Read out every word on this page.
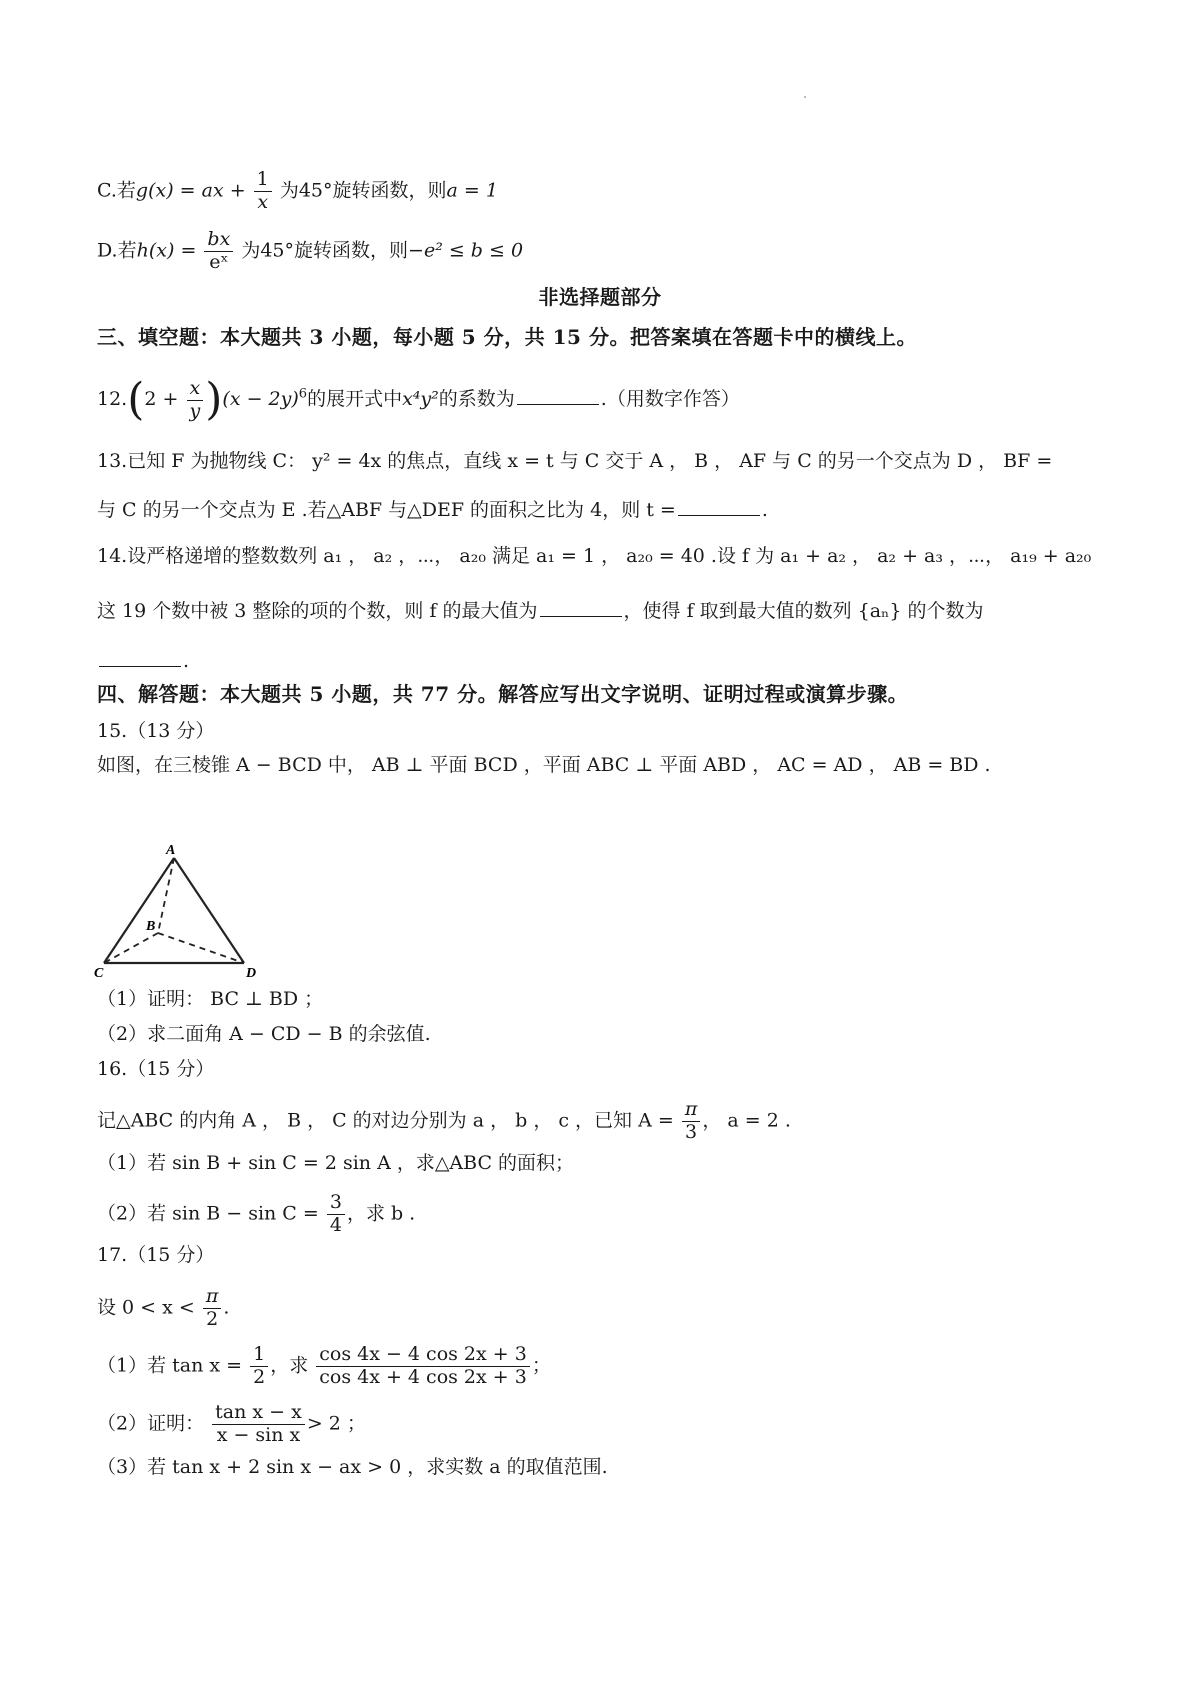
C.若g(x) = ax + $\frac{1}{x}$ 为45°旋转函数，则a = 1
D.若$h(x) = \frac{bx}{\text{eˣ}}$ 为45°旋转函数，则−e² ≤ b ≤ 0
非选择题部分
三、填空题：本大题共 3 小题，每小题 5 分，共 15 分。把答案填在答题卡中的横线上。
$12.(2 + \frac{x}{y} )(x - 2y)^6$的展开式中x⁴y²的系数为	.（用数字作答）
13.已知 F 为抛物线 C： y² = 4x 的焦点，直线 x = t 与 C 交于 A ， B ， AF 与 C 的另一个交点为 D ， BF =
与 C 的另一个交点为 E .若△ABF 与△DEF 的面积之比为 4，则 t =	.
14.设严格递增的整数数列 a₁ ， a₂ ，⋯， a₂₀ 满足 a₁ = 1 ， a₂₀ = 40 .设 f 为 a₁ + a₂ ， a₂ + a₃ ，⋯， a₁₉ + a₂₀
这 19 个数中被 3 整除的项的个数，则 f 的最大值为	，使得 f 取到最大值的数列 {aₙ} 的个数为
.
四、解答题：本大题共 5 小题，共 77 分。解答应写出文字说明、证明过程或演算步骤。
15.（13 分）
如图，在三棱锥 A − BCD 中， AB ⊥ 平面 BCD ，平面 ABC ⊥ 平面 ABD ， AC = AD ， AB = BD .
A
B
C	D
（1）证明： BC ⊥ BD ；
（2）求二面角 A − CD − B 的余弦值.
16.（15 分）
记△ABC 的内角 A ， B ， C 的对边分别为 a ， b ， c ，已知 $A = \frac{\pi}{3}$ ， a = 2 .
（1）若 sin B + sin C = 2 sin A ，求△ABC 的面积；
（2）若 $\sin B - \sin C = \frac{3}{4}$ ，求 b .
17.（15 分）
设 $0 < x < \frac{\pi}{2}$ .
（1）若 $\tan x = \frac{1}{2}$ ，求 $\frac{\cos 4x - 4 \cos 2x + 3}{\cos 4x + 4 \cos 2x + 3}$ ；
（2）证明： $\frac{\text{tan x − x}}{\text{x − sin x}} > 2$ ；
（3）若 tan x + 2 sin x − ax > 0 ，求实数 a 的取值范围.
